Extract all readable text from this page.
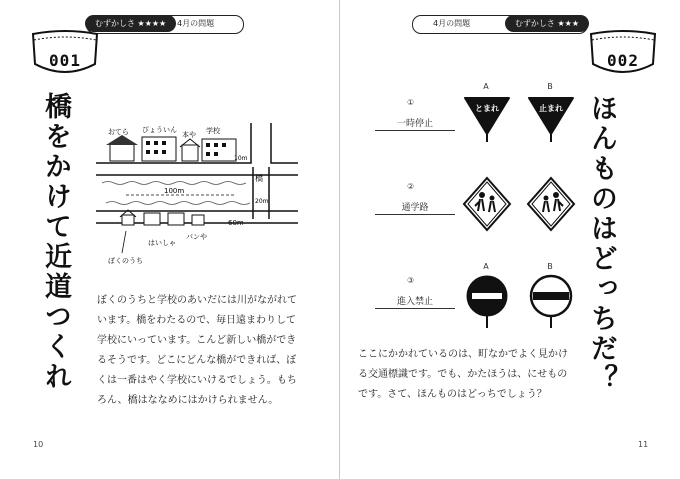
むずかしさ ★★★★	4月の問題
001
橋をかけて近道つくれ	おてら びょういん
本や 学校
10m
橋
20m
100m
60m
ぼくのうち
はいしゃ
パンや
ぼくのうちと学校のあいだには川がながれています。橋をわたるので、毎日遠まわりして学校にいっています。こんど新しい橋ができるそうです。どこにどんな橋ができれば、ぼくは一番はやく学校にいけるでしょう。もちろん、橋はななめにはかけられません。
10
4月の問題	むずかしさ ★★★
002
ほんものはどっちだ？
A	B
①
一時停止
とまれ	止まれ
②
通学路
③
進入禁止
A	B
ここにかかれているのは、町なかでよく見かける交通標識です。でも、かたほうは、にせものです。さて、ほんものはどっちでしょう？
11
